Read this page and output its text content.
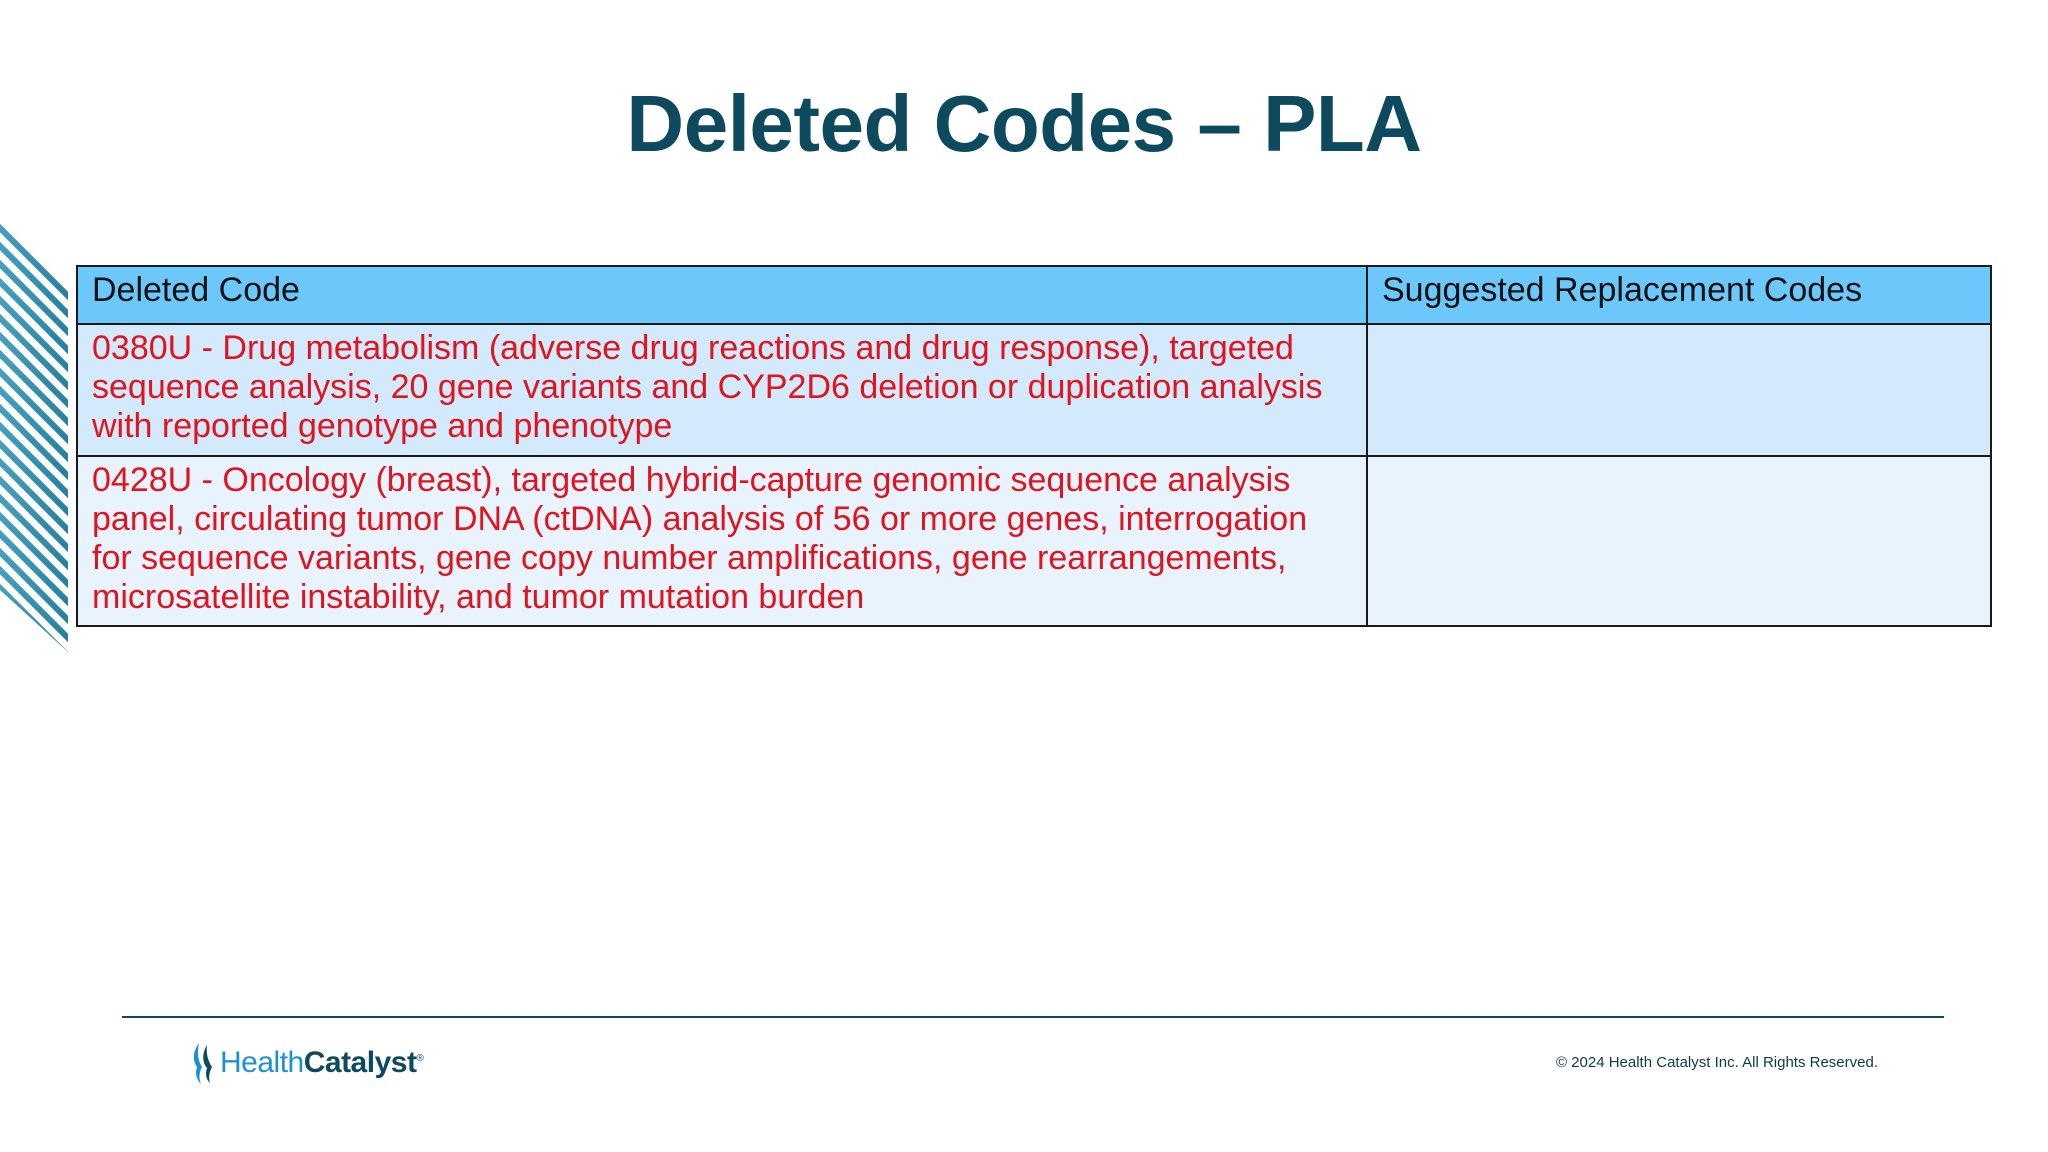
Deleted Codes – PLA
Deleted Code	Suggested Replacement Codes
0380U - Drug metabolism (adverse drug reactions and drug response), targeted sequence analysis, 20 gene variants and CYP2D6 deletion or duplication analysis with reported genotype and phenotype	
0428U - Oncology (breast), targeted hybrid-capture genomic sequence analysis panel, circulating tumor DNA (ctDNA) analysis of 56 or more genes, interrogation for sequence variants, gene copy number amplifications, gene rearrangements, microsatellite instability, and tumor mutation burden	
HealthCatalyst®	© 2024 Health Catalyst Inc. All Rights Reserved.
